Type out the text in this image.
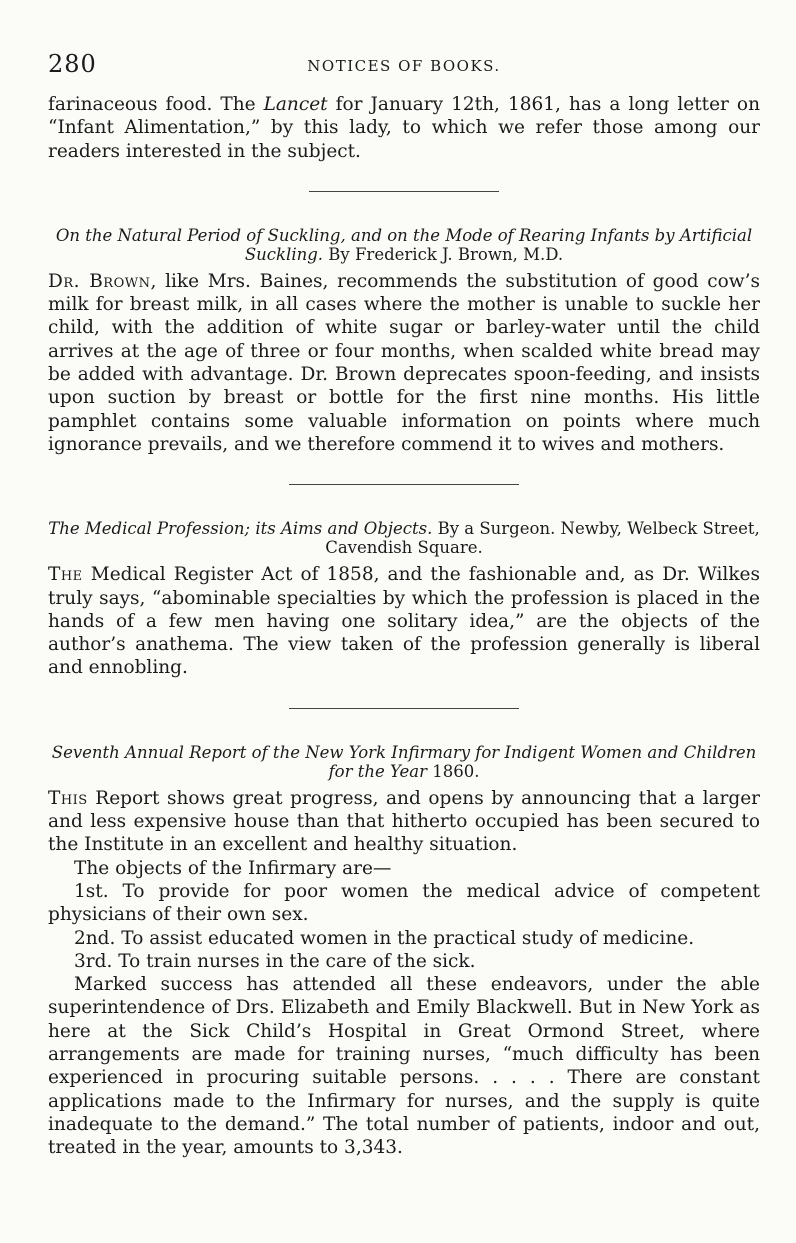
280	NOTICES OF BOOKS.

farinaceous food. The Lancet for January 12th, 1861, has a long letter on “Infant Alimentation,” by this lady, to which we refer those among our readers interested in the subject.

On the Natural Period of Suckling, and on the Mode of Rearing Infants by Artificial Suckling. By Frederick J. Brown, M.D.

Dr. Brown, like Mrs. Baines, recommends the substitution of good cow’s milk for breast milk, in all cases where the mother is unable to suckle her child, with the addition of white sugar or barley-water until the child arrives at the age of three or four months, when scalded white bread may be added with advantage. Dr. Brown deprecates spoon-feeding, and insists upon suction by breast or bottle for the first nine months. His little pamphlet contains some valuable information on points where much ignorance prevails, and we therefore commend it to wives and mothers.

The Medical Profession; its Aims and Objects. By a Surgeon. Newby, Welbeck Street, Cavendish Square.

The Medical Register Act of 1858, and the fashionable and, as Dr. Wilkes truly says, “abominable specialties by which the profession is placed in the hands of a few men having one solitary idea,” are the objects of the author’s anathema. The view taken of the profession generally is liberal and ennobling.

Seventh Annual Report of the New York Infirmary for Indigent Women and Children for the Year 1860.

This Report shows great progress, and opens by announcing that a larger and less expensive house than that hitherto occupied has been secured to the Institute in an excellent and healthy situation.

The objects of the Infirmary are—

1st. To provide for poor women the medical advice of competent physicians of their own sex.

2nd. To assist educated women in the practical study of medicine.

3rd. To train nurses in the care of the sick.

Marked success has attended all these endeavors, under the able superintendence of Drs. Elizabeth and Emily Blackwell. But in New York as here at the Sick Child’s Hospital in Great Ormond Street, where arrangements are made for training nurses, “much difficulty has been experienced in procuring suitable persons. . . . . There are constant applications made to the Infirmary for nurses, and the supply is quite inadequate to the demand.” The total number of patients, indoor and out, treated in the year, amounts to 3,343.
